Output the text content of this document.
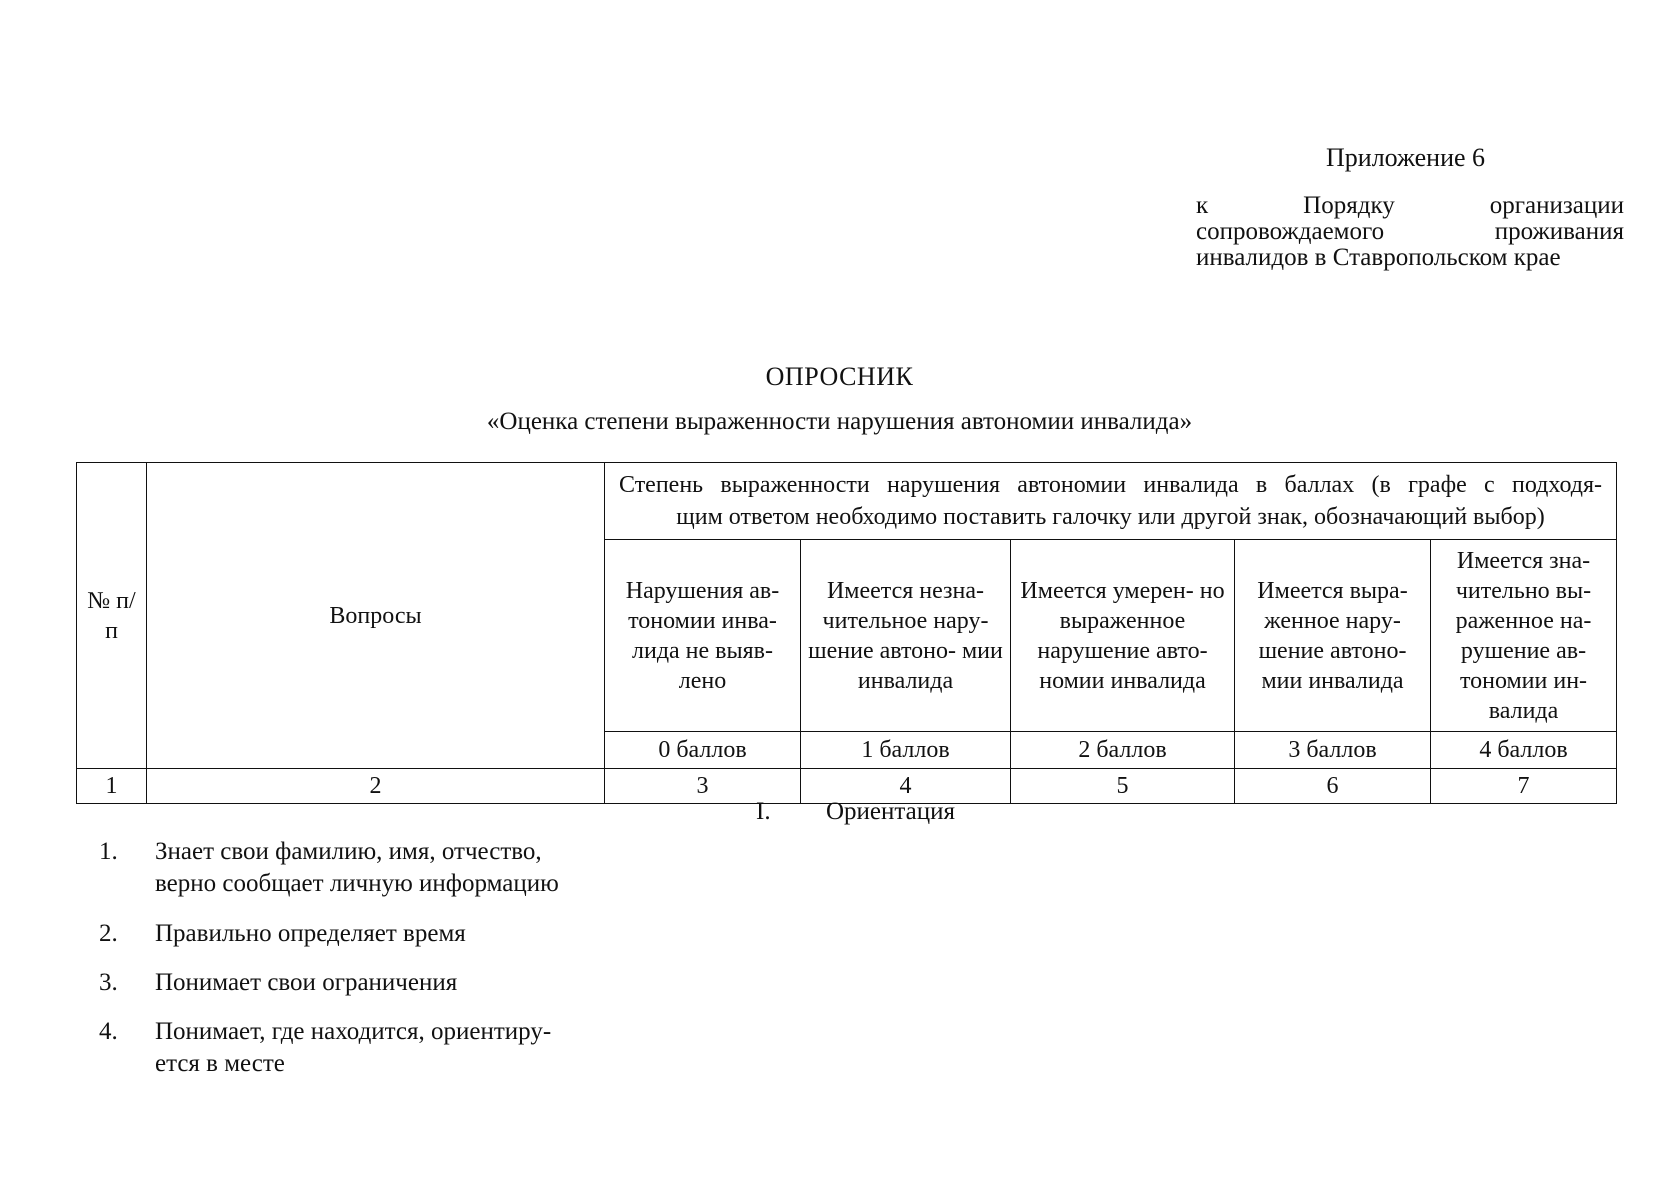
Приложение 6
к Порядку организации
сопровождаемого проживания
инвалидов в Ставропольском крае
ОПРОСНИК
«Оценка степени выраженности нарушения автономии инвалида»
№ п/п	Вопросы	Степень выраженности нарушения автономии инвалида в баллах (в графе с подходя-
щим ответом необходимо поставить галочку или другой знак, обозначающий выбор)				

		Нарушения ав- тономии инва- лида не выяв- лено	Имеется незна- чительное нару- шение автоно- мии инвалида	Имеется умерен- но выраженное нарушение авто- номии инвалида	Имеется выра- женное нару- шение автоно- мии инвалида	Имеется зна- чительно вы- раженное на- рушение ав- тономии ин- валида
		0 баллов	1 баллов	2 баллов	3 баллов	4 баллов
1	2	3	4	5	6	7
I. Ориентация
1.	Знает свои фамилию, имя, отчество,
верно сообщает личную информацию
2.	Правильно определяет время
3.	Понимает свои ограничения
4.	Понимает, где находится, ориентиру-
ется в месте
